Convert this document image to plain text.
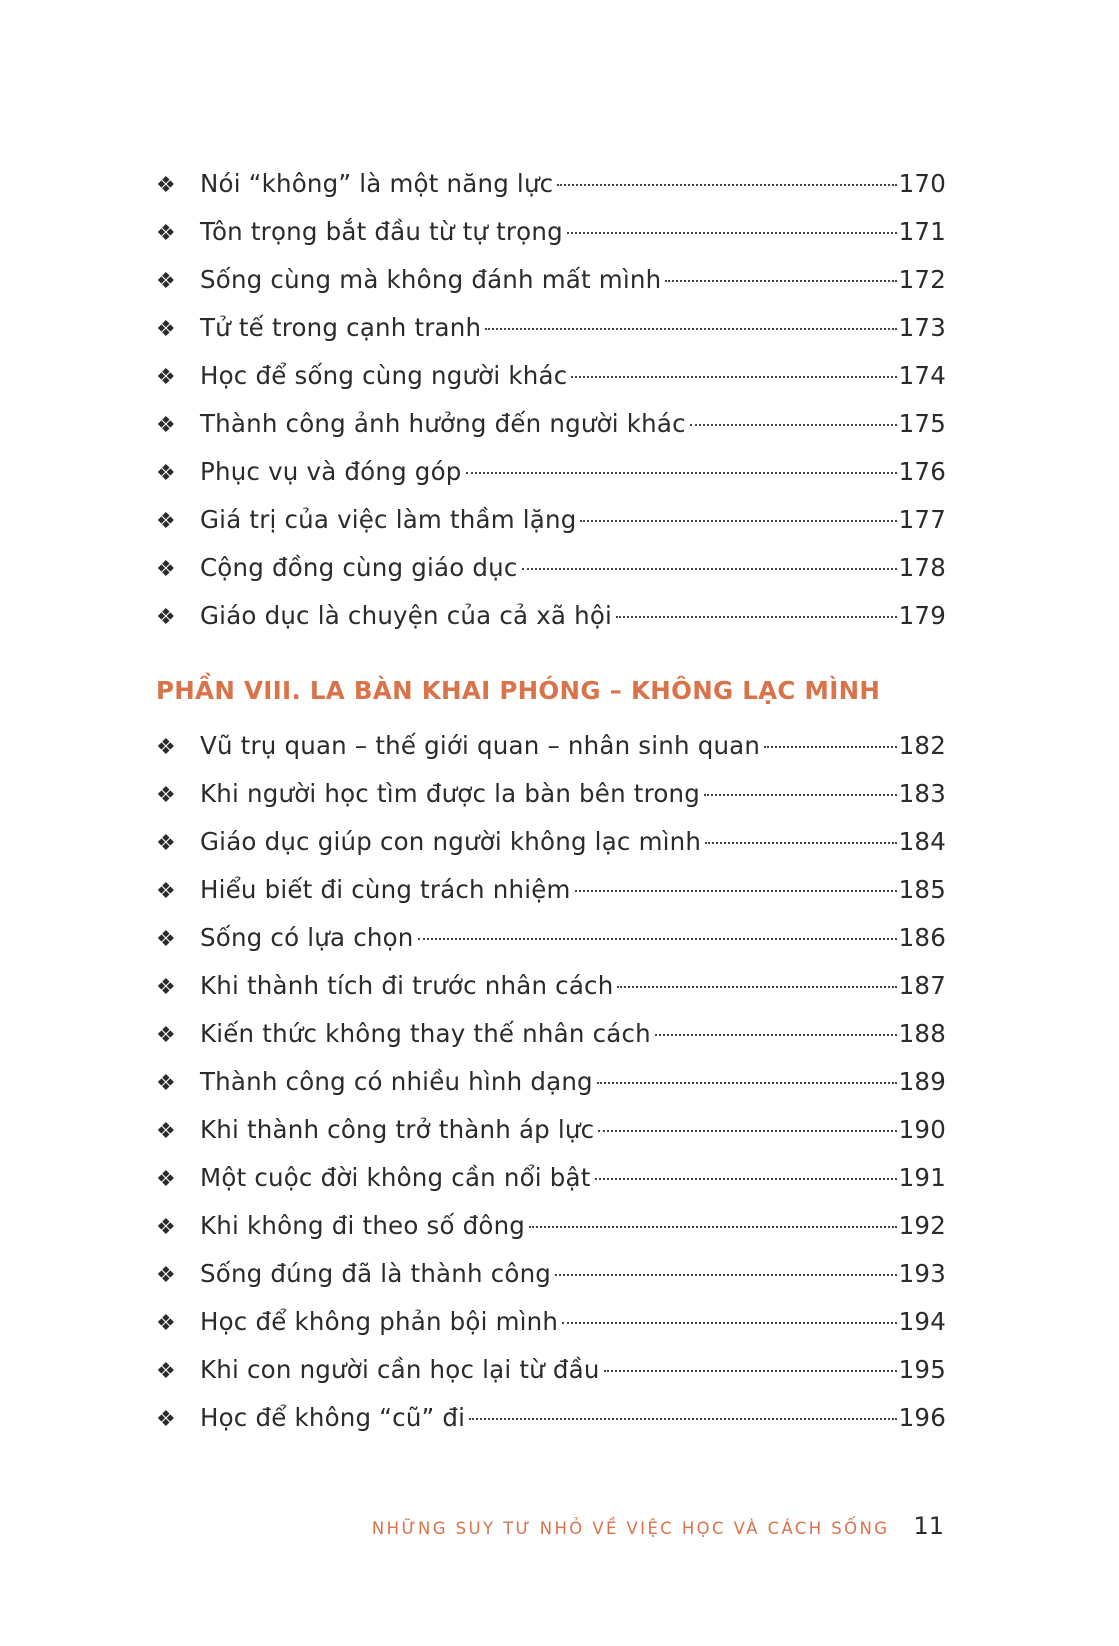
❖ Nói “không” là một năng lực	170
❖ Tôn trọng bắt đầu từ tự trọng	171
❖ Sống cùng mà không đánh mất mình	172
❖ Tử tế trong cạnh tranh	173
❖ Học để sống cùng người khác	174
❖ Thành công ảnh hưởng đến người khác	175
❖ Phục vụ và đóng góp	176
❖ Giá trị của việc làm thầm lặng	177
❖ Cộng đồng cùng giáo dục	178
❖ Giáo dục là chuyện của cả xã hội	179
PHẦN VIII. LA BÀN KHAI PHÓNG – KHÔNG LẠC MÌNH
❖ Vũ trụ quan – thế giới quan – nhân sinh quan	182
❖ Khi người học tìm được la bàn bên trong	183
❖ Giáo dục giúp con người không lạc mình	184
❖ Hiểu biết đi cùng trách nhiệm	185
❖ Sống có lựa chọn	186
❖ Khi thành tích đi trước nhân cách	187
❖ Kiến thức không thay thế nhân cách	188
❖ Thành công có nhiều hình dạng	189
❖ Khi thành công trở thành áp lực	190
❖ Một cuộc đời không cần nổi bật	191
❖ Khi không đi theo số đông	192
❖ Sống đúng đã là thành công	193
❖ Học để không phản bội mình	194
❖ Khi con người cần học lại từ đầu	195
❖ Học để không “cũ” đi	196
NHỮNG SUY TƯ NHỎ VỀ VIỆC HỌC VÀ CÁCH SỐNG 11
